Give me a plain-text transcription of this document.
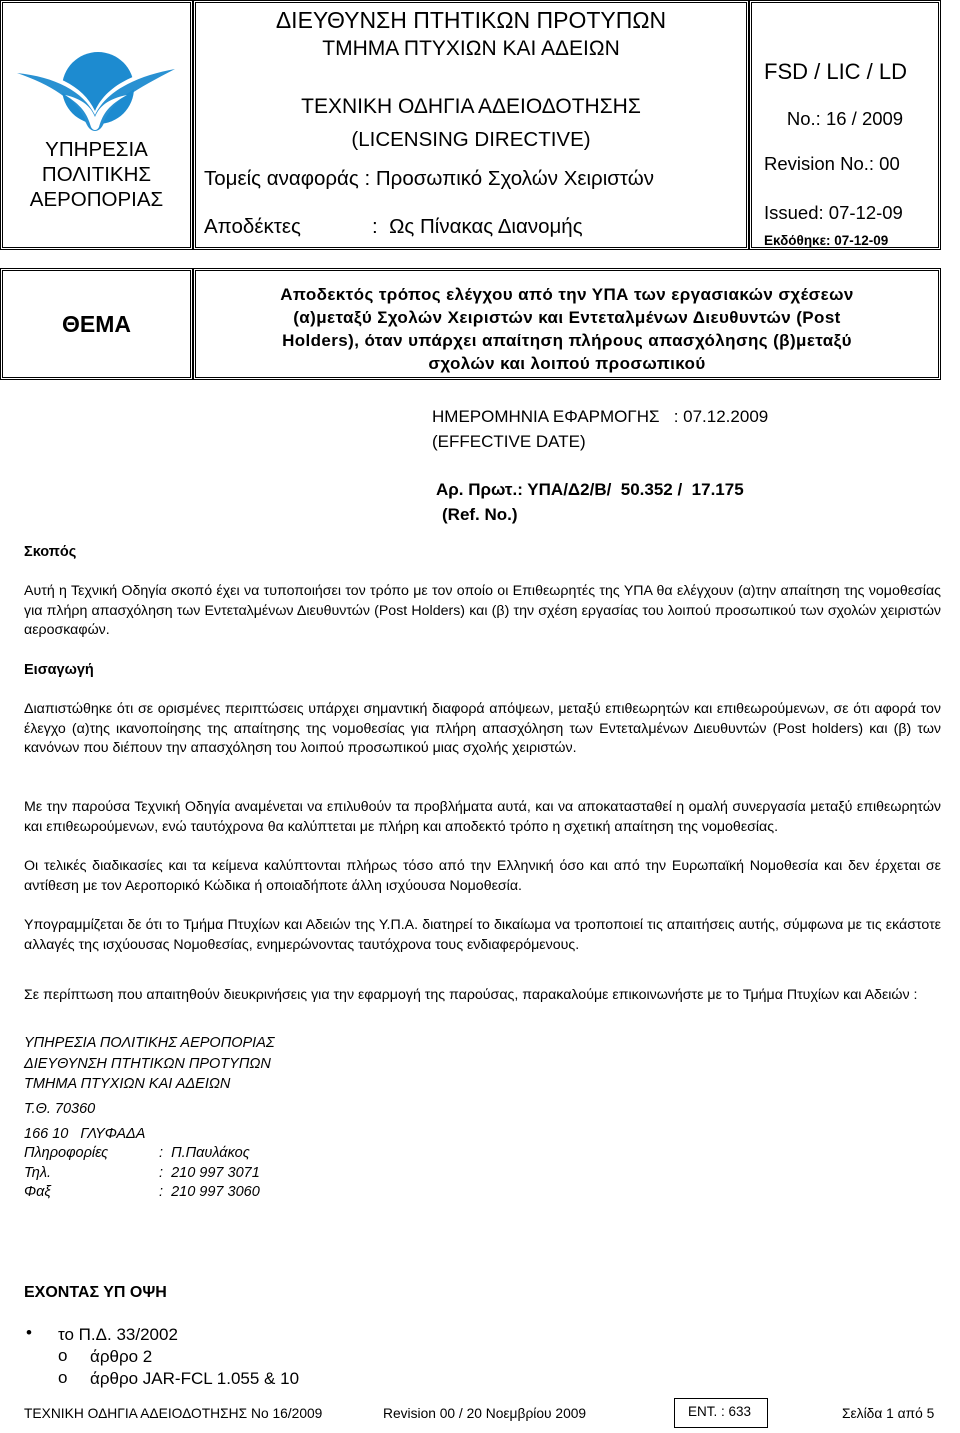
ΥΠΗΡΕΣΙΑ
ΠΟΛΙΤΙΚΗΣ
ΑΕΡΟΠΟΡΙΑΣ
ΔΙΕΥΘΥΝΣΗ ΠΤΗΤΙΚΩΝ ΠΡΟΤΥΠΩΝ
ΤΜΗΜΑ ΠΤΥΧΙΩΝ ΚΑΙ ΑΔΕΙΩΝ
ΤΕΧΝΙΚΗ ΟΔΗΓΙΑ ΑΔΕΙΟΔΟΤΗΣΗΣ
(LICENSING DIRECTIVE)
Τομείς αναφοράς : Προσωπικό Σχολών Χειριστών
Αποδέκτες	:  Ως Πίνακας Διανομής
FSD / LIC / LD
No.: 16 / 2009
Revision No.: 00
Issued: 07-12-09
Εκδόθηκε: 07-12-09
ΘΕΜΑ
Αποδεκτός τρόπος ελέγχου από την ΥΠΑ των εργασιακών σχέσεων
(α)μεταξύ Σχολών Χειριστών και Εντεταλμένων Διευθυντών (Post
Holders), όταν υπάρχει απαίτηση πλήρους απασχόλησης (β)μεταξύ
σχολών και λοιπού προσωπικού
ΗΜΕΡΟΜΗΝΙΑ ΕΦΑΡΜΟΓΗΣ   : 07.12.2009
(EFFECTIVE DATE)
Αρ. Πρωτ.: ΥΠΑ/Δ2/Β/  50.352 /  17.175
(Ref. No.)
Σκοπός
Αυτή η Τεχνική Οδηγία σκοπό έχει να τυποποιήσει τον τρόπο με τον οποίο οι Επιθεωρητές της ΥΠΑ θα ελέγχουν (α)την απαίτηση της νομοθεσίας για πλήρη απασχόληση των Εντεταλμένων Διευθυντών (Post Holders) και (β) την σχέση εργασίας του λοιπού προσωπικού των σχολών χειριστών αεροσκαφών.
Εισαγωγή
Διαπιστώθηκε ότι σε ορισμένες περιπτώσεις υπάρχει σημαντική διαφορά απόψεων, μεταξύ επιθεωρητών και επιθεωρούμενων, σε ότι αφορά τον έλεγχο (α)της ικανοποίησης της απαίτησης της νομοθεσίας για πλήρη απασχόληση των Εντεταλμένων Διευθυντών (Post holders) και (β) των κανόνων που διέπουν την απασχόληση του λοιπού προσωπικού μιας σχολής χειριστών.
Με την παρούσα Τεχνική Οδηγία αναμένεται να επιλυθούν τα προβλήματα αυτά, και να αποκατασταθεί η ομαλή συνεργασία μεταξύ επιθεωρητών και επιθεωρούμενων, ενώ ταυτόχρονα θα καλύπτεται με πλήρη και αποδεκτό τρόπο η σχετική απαίτηση της νομοθεσίας.
Οι τελικές διαδικασίες και τα κείμενα καλύπτονται πλήρως τόσο από την Ελληνική όσο και από την Ευρωπαϊκή Νομοθεσία και δεν έρχεται σε αντίθεση με τον Αεροπορικό Κώδικα ή οποιαδήποτε άλλη ισχύουσα Νομοθεσία.
Υπογραμμίζεται δε ότι το Τμήμα Πτυχίων και Αδειών της Υ.Π.Α. διατηρεί το δικαίωμα να τροποποιεί τις απαιτήσεις αυτής, σύμφωνα με τις εκάστοτε αλλαγές της ισχύουσας Νομοθεσίας, ενημερώνοντας ταυτόχρονα τους ενδιαφερόμενους.
Σε περίπτωση που απαιτηθούν διευκρινήσεις για την εφαρμογή της παρούσας, παρακαλούμε επικοινωνήστε με το Τμήμα Πτυχίων και Αδειών :
ΥΠΗΡΕΣΙΑ ΠΟΛΙΤΙΚΗΣ ΑΕΡΟΠΟΡΙΑΣ
ΔΙΕΥΘΥΝΣΗ ΠΤΗΤΙΚΩΝ ΠΡΟΤΥΠΩΝ
ΤΜΗΜΑ ΠΤΥΧΙΩΝ ΚΑΙ ΑΔΕΙΩΝ
Τ.Θ. 70360
166 10   ΓΛΥΦΑΔΑ
Πληροφορίες	:  Π.Παυλάκος
Τηλ.	:  210 997 3071
Φαξ	:  210 997 3060
ΕΧΟΝΤΑΣ ΥΠ ΟΨΗ
• το Π.Δ. 33/2002
o άρθρο 2
o άρθρο JAR-FCL 1.055 & 10
ΤΕΧΝΙΚΗ ΟΔΗΓΙΑ ΑΔΕΙΟΔΟΤΗΣΗΣ No 16/2009	Revision 00 / 20 Νοεμβρίου 2009	ΕΝΤ. : 633	Σελίδα 1 από 5
